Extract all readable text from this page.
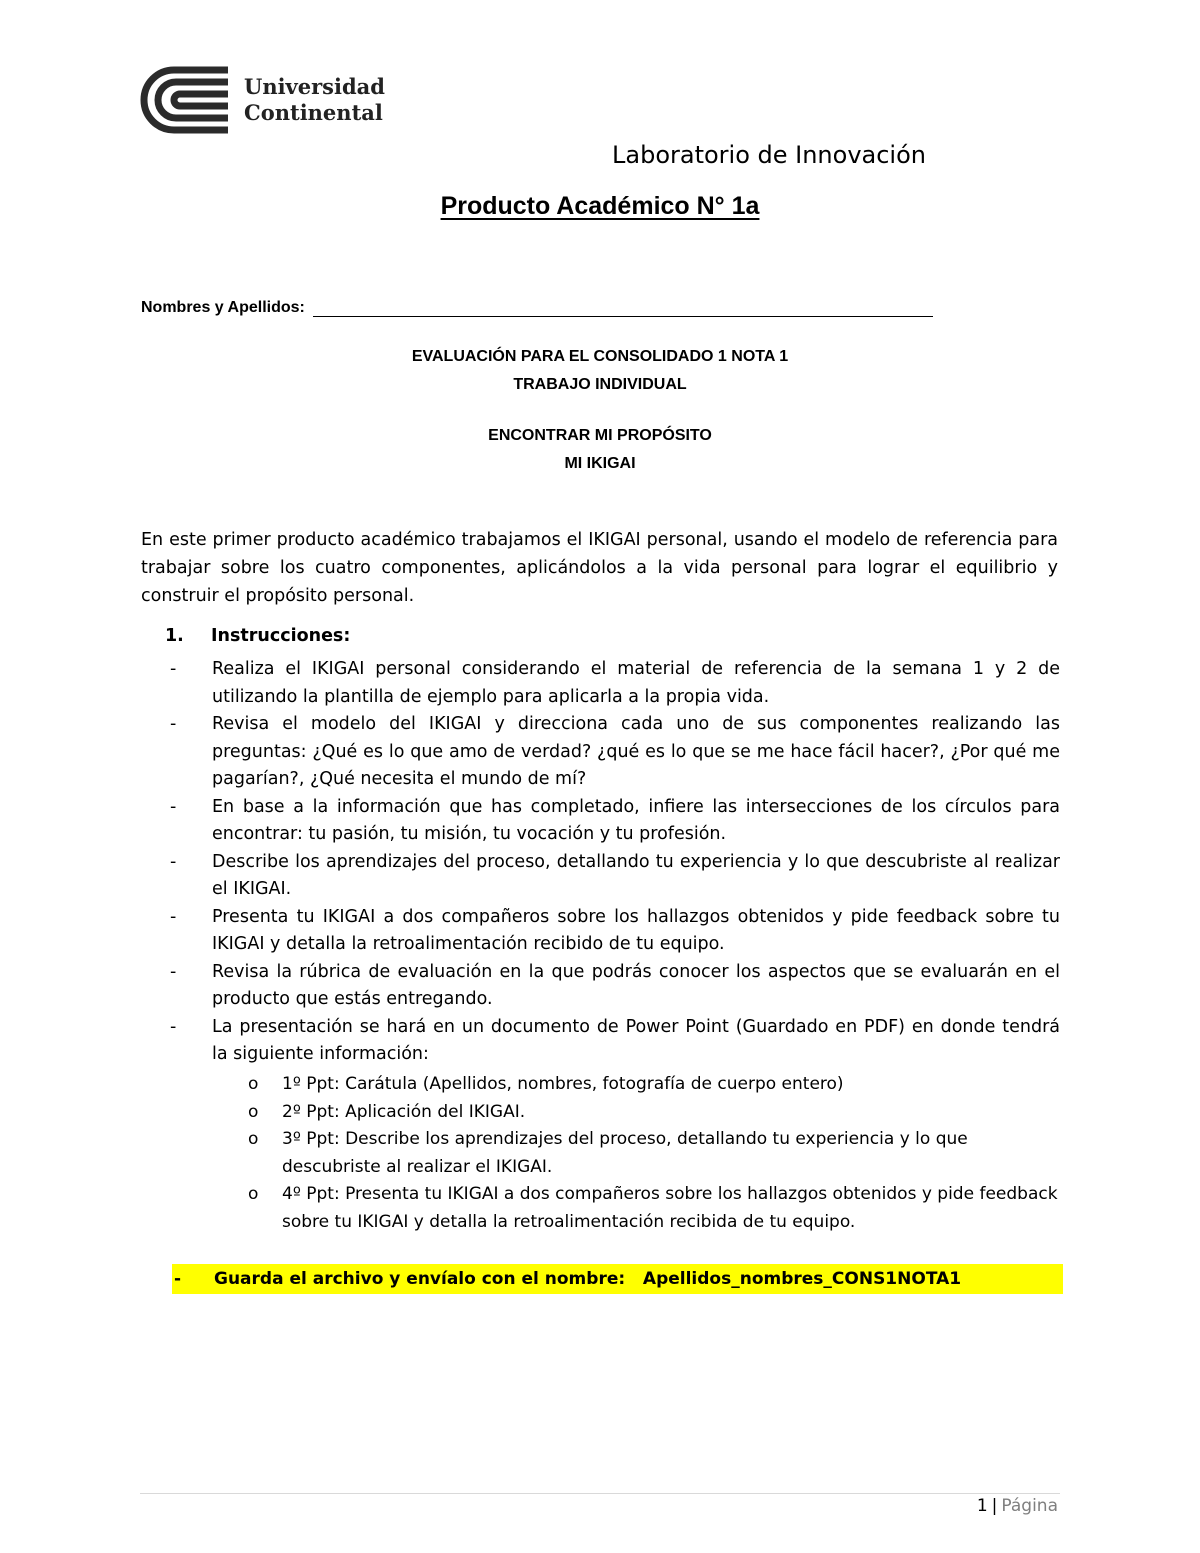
Universidad
Continental
Laboratorio de Innovación
Producto Académico N° 1a
Nombres y Apellidos:
EVALUACIÓN PARA EL CONSOLIDADO 1 NOTA 1
TRABAJO INDIVIDUAL
ENCONTRAR MI PROPÓSITO
MI IKIGAI
En este primer producto académico trabajamos el IKIGAI personal, usando el modelo de referencia para trabajar sobre los cuatro componentes, aplicándolos a la vida personal para lograr el equilibrio y construir el propósito personal.
1. Instrucciones:
-	Realiza el IKIGAI personal considerando el material de referencia de la semana 1 y 2 de utilizando la plantilla de ejemplo para aplicarla a la propia vida.
-	Revisa el modelo del IKIGAI y direcciona cada uno de sus componentes realizando las preguntas: ¿Qué es lo que amo de verdad? ¿qué es lo que se me hace fácil hacer?, ¿Por qué me pagarían?, ¿Qué necesita el mundo de mí?
-	En base a la información que has completado, infiere las intersecciones de los círculos para encontrar: tu pasión, tu misión, tu vocación y tu profesión.
-	Describe los aprendizajes del proceso, detallando tu experiencia y lo que descubriste al realizar el IKIGAI.
-	Presenta tu IKIGAI a dos compañeros sobre los hallazgos obtenidos y pide feedback sobre tu IKIGAI y detalla la retroalimentación recibido de tu equipo.
-	Revisa la rúbrica de evaluación en la que podrás conocer los aspectos que se evaluarán en el producto que estás entregando.
-	La presentación se hará en un documento de Power Point (Guardado en PDF) en donde tendrá la siguiente información:
o	1º Ppt: Carátula (Apellidos, nombres, fotografía de cuerpo entero)
o	2º Ppt: Aplicación del IKIGAI.
o	3º Ppt: Describe los aprendizajes del proceso, detallando tu experiencia y lo que descubriste al realizar el IKIGAI.
o	4º Ppt: Presenta tu IKIGAI a dos compañeros sobre los hallazgos obtenidos y pide feedback sobre tu IKIGAI y detalla la retroalimentación recibida de tu equipo.
-	Guarda el archivo y envíalo con el nombre:   Apellidos_nombres_CONS1NOTA1
1 | Página
